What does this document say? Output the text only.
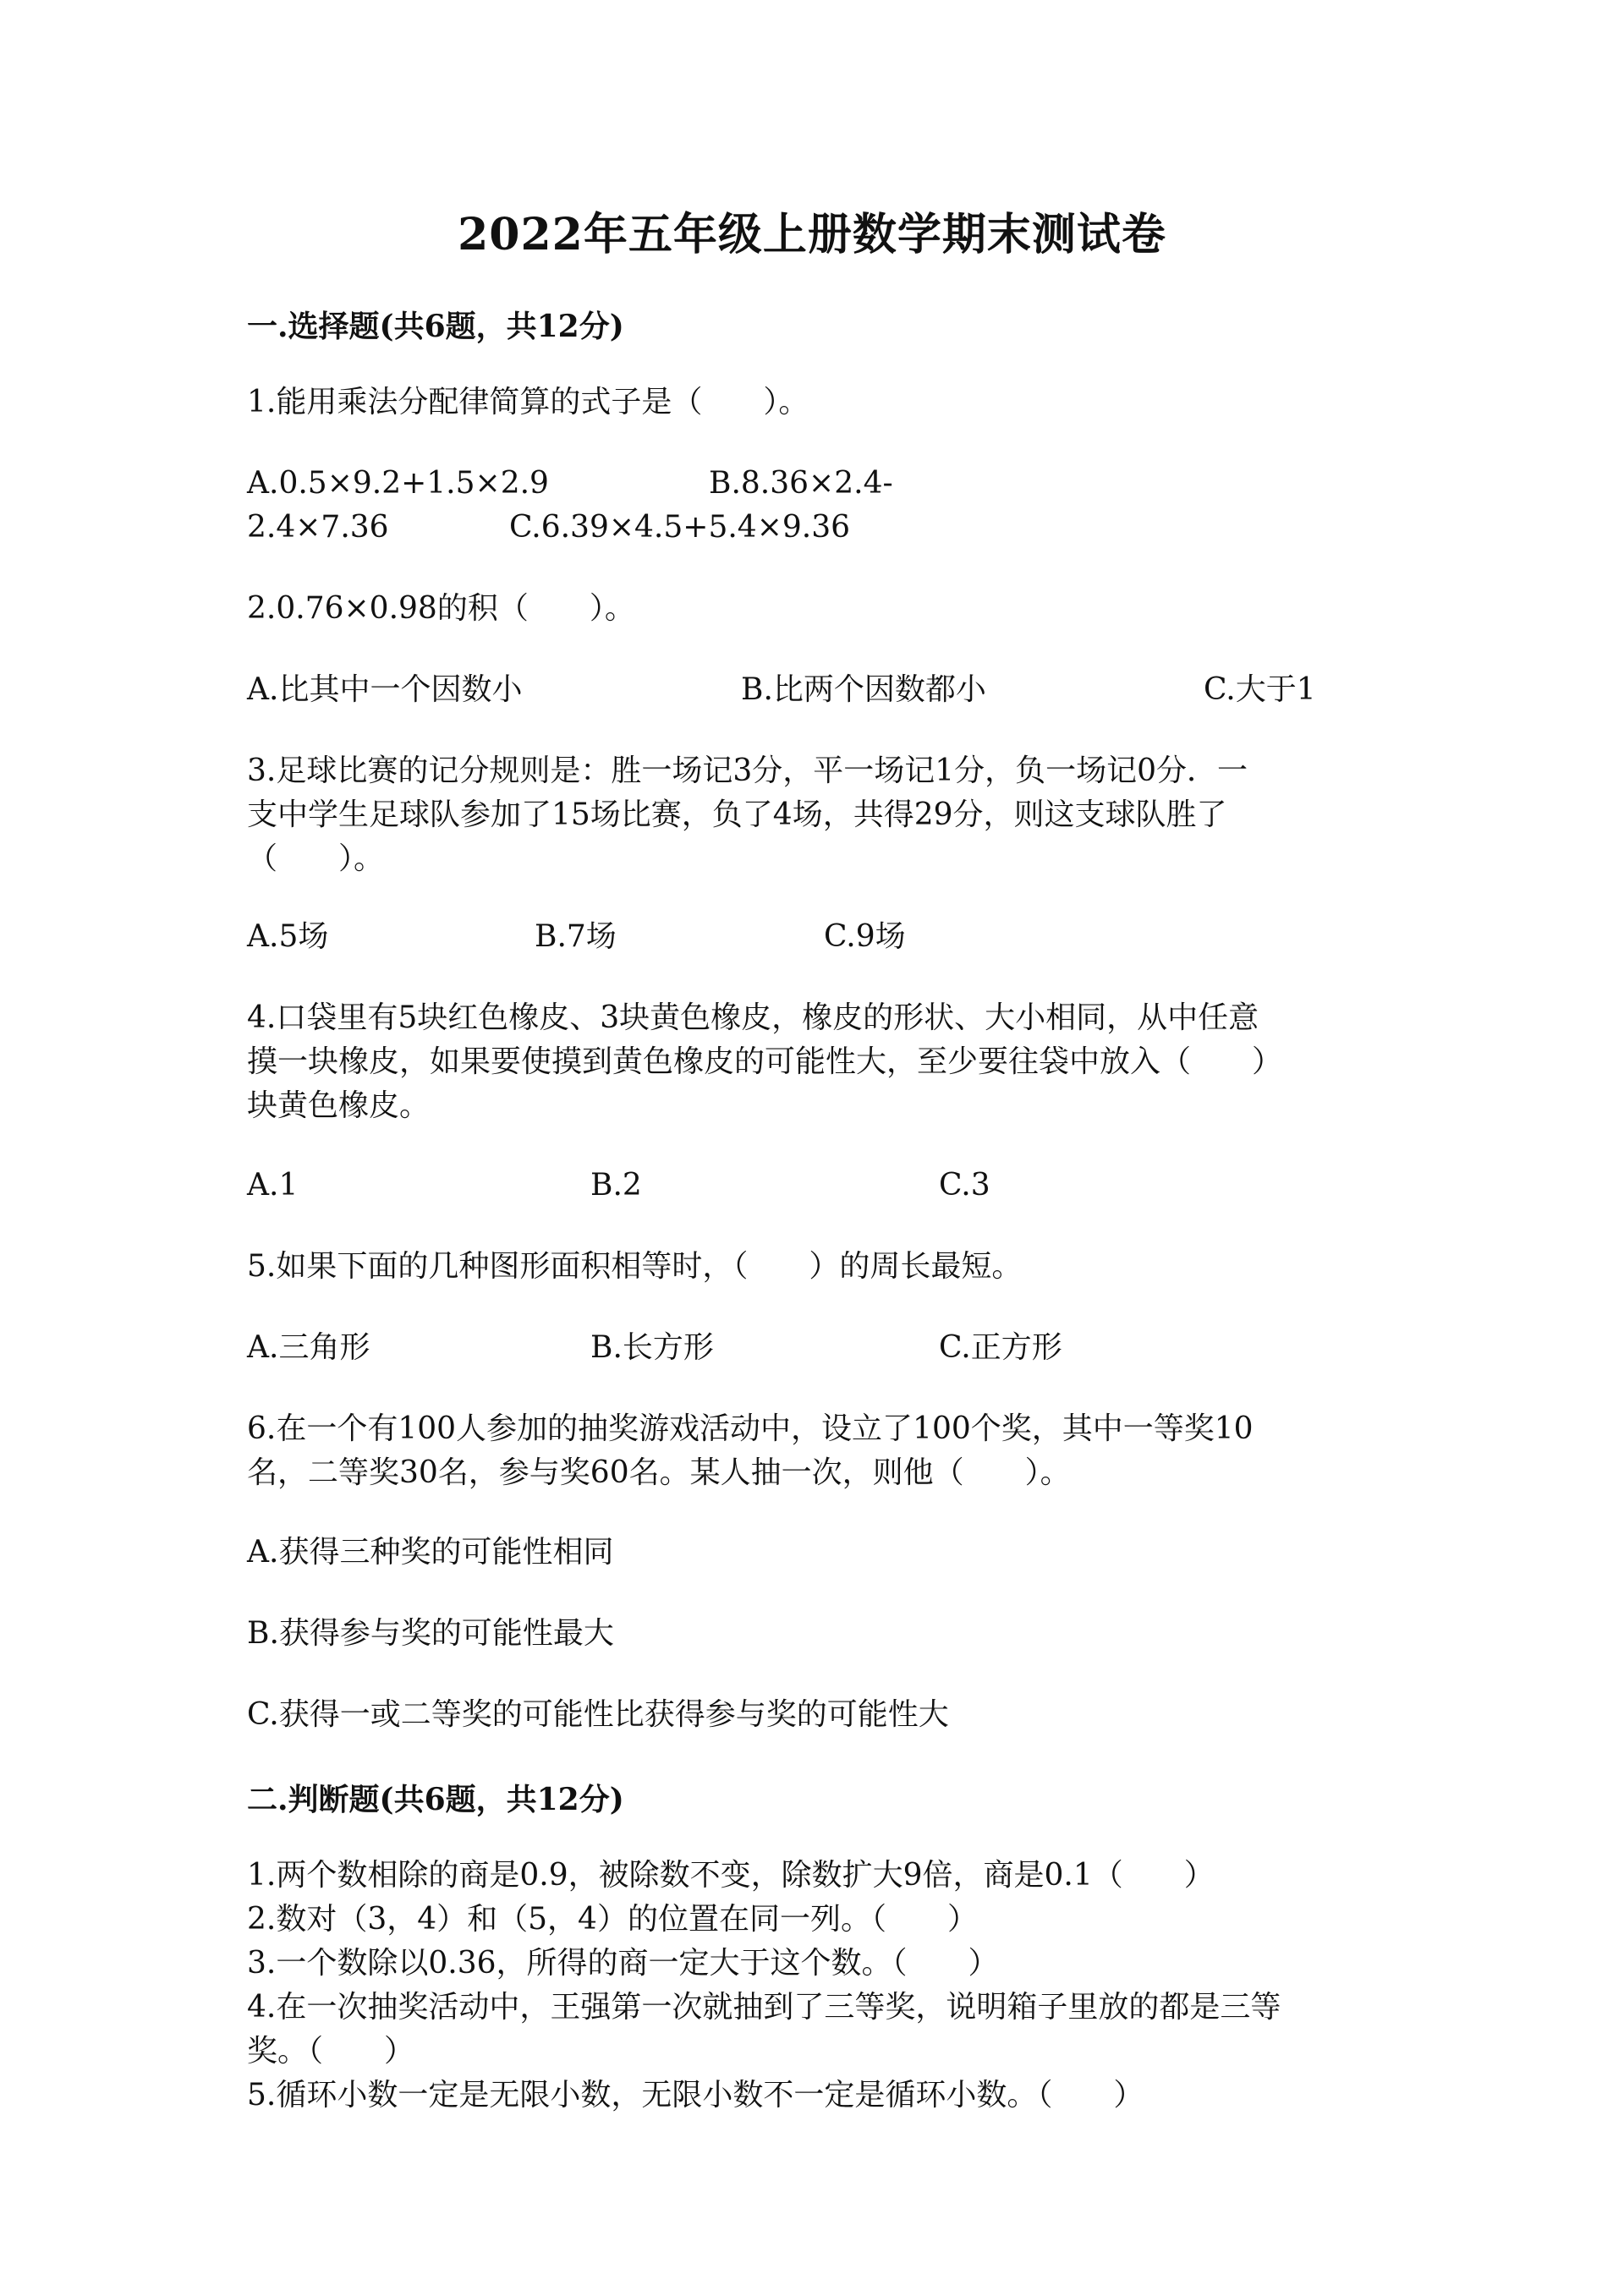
2022年五年级上册数学期末测试卷
一.选择题(共6题，共12分)
1.能用乘法分配律简算的式子是（　　）。
A.0.5×9.2+1.5×2.9	B.8.36×2.4-
2.4×7.36	C.6.39×4.5+5.4×9.36
2.0.76×0.98的积（　　）。
A.比其中一个因数小	B.比两个因数都小	C.大于1
3.足球比赛的记分规则是：胜一场记3分，平一场记1分，负一场记0分．一
支中学生足球队参加了15场比赛，负了4场，共得29分，则这支球队胜了
（　　）。
A.5场	B.7场	C.9场
4.口袋里有5块红色橡皮、3块黄色橡皮，橡皮的形状、大小相同，从中任意
摸一块橡皮，如果要使摸到黄色橡皮的可能性大，至少要往袋中放入（　　）
块黄色橡皮。
A.1	B.2	C.3
5.如果下面的几种图形面积相等时，（　　）的周长最短。
A.三角形	B.长方形	C.正方形
6.在一个有100人参加的抽奖游戏活动中，设立了100个奖，其中一等奖10
名，二等奖30名，参与奖60名。某人抽一次，则他（　　）。
A.获得三种奖的可能性相同
B.获得参与奖的可能性最大
C.获得一或二等奖的可能性比获得参与奖的可能性大
二.判断题(共6题，共12分)
1.两个数相除的商是0.9，被除数不变，除数扩大9倍，商是0.1（　　）
2.数对（3，4）和（5，4）的位置在同一列。（　　）
3.一个数除以0.36，所得的商一定大于这个数。（　　）
4.在一次抽奖活动中，王强第一次就抽到了三等奖，说明箱子里放的都是三等
奖。（　　）
5.循环小数一定是无限小数，无限小数不一定是循环小数。（　　）
